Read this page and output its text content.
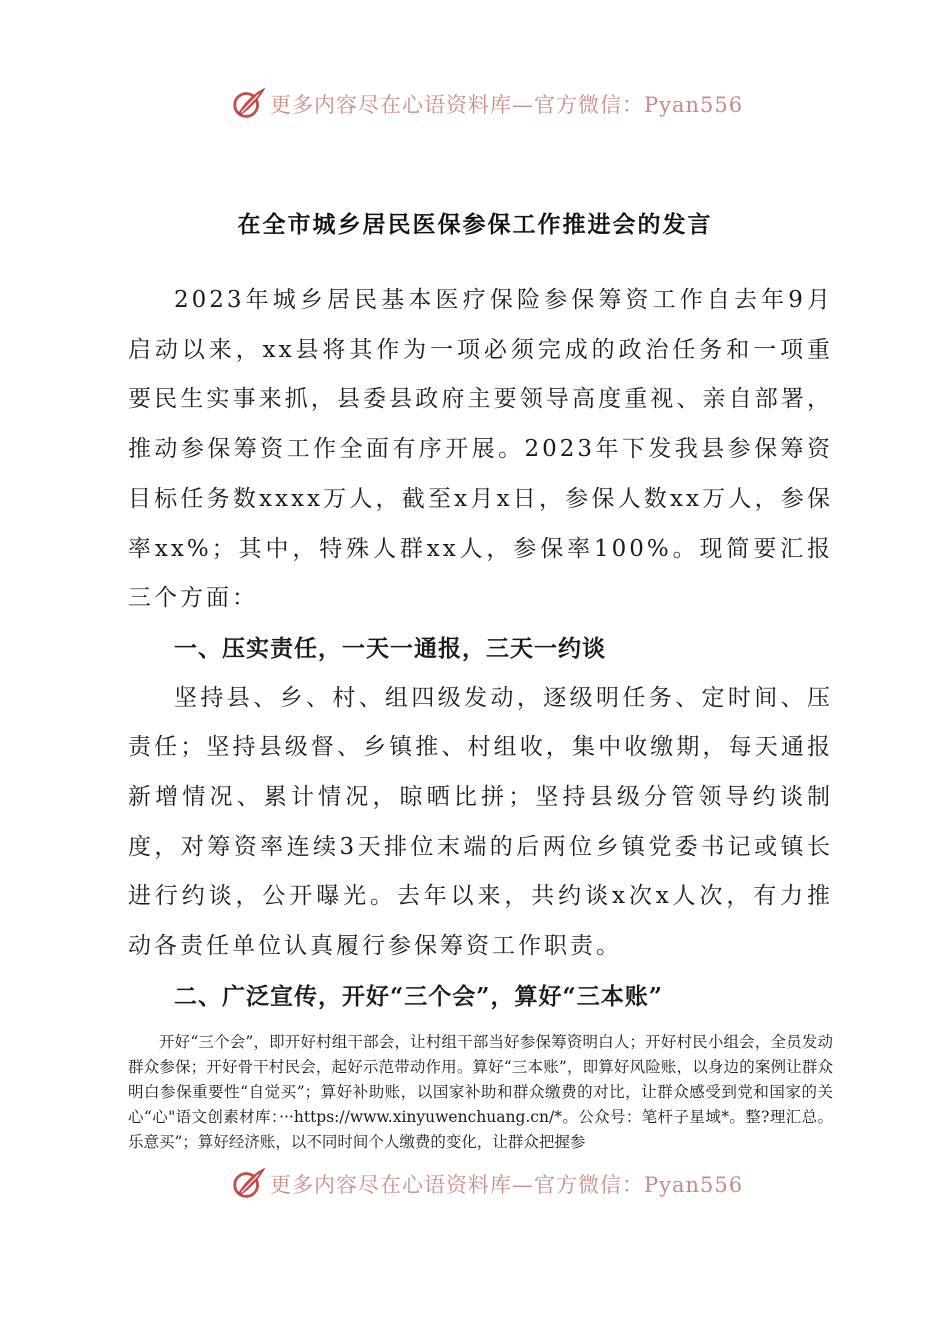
更多内容尽在心语资料库—官方微信：Pyan556
在全市城乡居民医保参保工作推进会的发言

2023年城乡居民基本医疗保险参保筹资工作自去年9月启动以来，xx县将其作为一项必须完成的政治任务和一项重要民生实事来抓，县委县政府主要领导高度重视、亲自部署，推动参保筹资工作全面有序开展。2023年下发我县参保筹资目标任务数xxxx万人，截至x月x日，参保人数xx万人，参保率xx%；其中，特殊人群xx人，参保率100%。现简要汇报三个方面：

一、压实责任，一天一通报，三天一约谈

坚持县、乡、村、组四级发动，逐级明任务、定时间、压责任；坚持县级督、乡镇推、村组收，集中收缴期，每天通报新增情况、累计情况，晾晒比拼；坚持县级分管领导约谈制度，对筹资率连续3天排位末端的后两位乡镇党委书记或镇长进行约谈，公开曝光。去年以来，共约谈x次x人次，有力推动各责任单位认真履行参保筹资工作职责。

二、广泛宣传，开好“三个会”，算好“三本账”

开好“三个会”，即开好村组干部会，让村组干部当好参保筹资明白人；开好村民小组会，全员发动群众参保；开好骨干村民会，起好示范带动作用。算好“三本账”，即算好风险账，以身边的案例让群众明白参保重要性“自觉买”；算好补助账，以国家补助和群众缴费的对比，让群众感受到党和国家的关心“心"语文创素材库：···https://www.xinyuwenchuang.cn/*。公众号：笔杆子星域*。整?理汇总。乐意买”；算好经济账，以不同时间个人缴费的变化，让群众把握参

更多内容尽在心语资料库—官方微信：Pyan556
